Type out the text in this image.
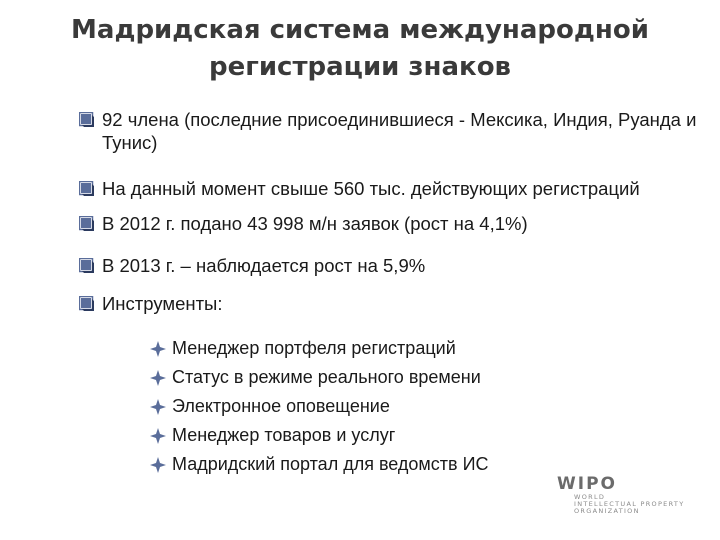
Мадридская система международной
регистрации знаков
92 члена (последние присоединившиеся - Мексика, Индия, Руанда и Тунис)
На данный момент свыше 560 тыс. действующих регистраций
В 2012 г. подано 43 998 м/н заявок (рост на 4,1%)
В 2013 г. – наблюдается рост на 5,9%
Инструменты:
Менеджер портфеля регистраций
Статус в режиме реального времени
Электронное оповещение
Менеджер товаров и услуг
Мадридский портал для ведомств ИС
WIPO
WORLD
INTELLECTUAL PROPERTY
ORGANIZATION
